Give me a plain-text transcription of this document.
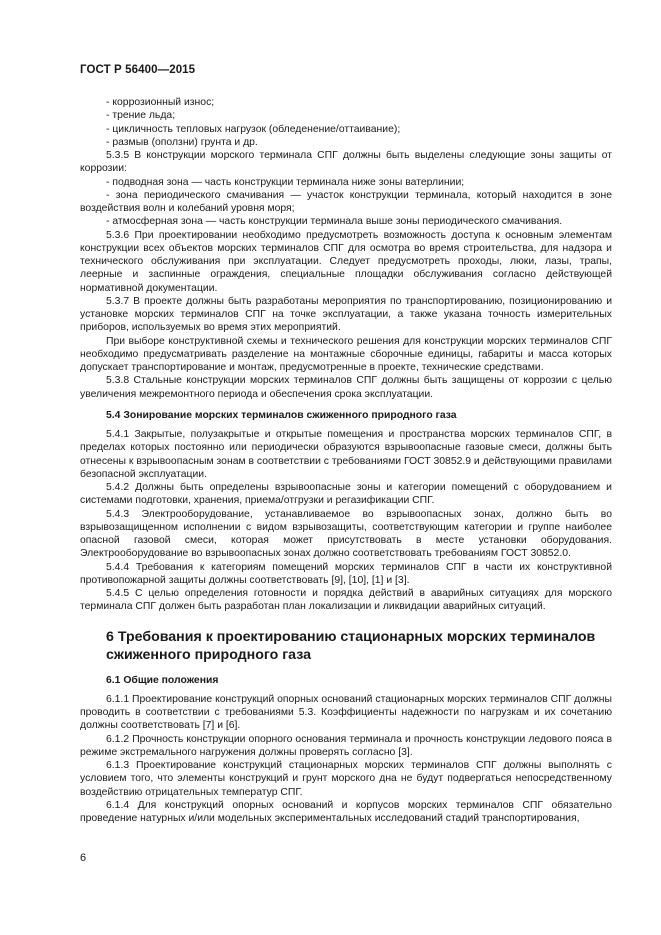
ГОСТ Р 56400—2015
- коррозионный износ;
- трение льда;
- цикличность тепловых нагрузок (обледенение/оттаивание);
- размыв (оползни) грунта и др.
5.3.5 В конструкции морского терминала СПГ должны быть выделены следующие зоны защиты от коррозии:
- подводная зона — часть конструкции терминала ниже зоны ватерлинии;
- зона периодического смачивания — участок конструкции терминала, который находится в зоне воздействия волн и колебаний уровня моря;
- атмосферная зона — часть конструкции терминала выше зоны периодического смачивания.
5.3.6 При проектировании необходимо предусмотреть возможность доступа к основным элементам конструкции всех объектов морских терминалов СПГ для осмотра во время строительства, для надзора и технического обслуживания при эксплуатации. Следует предусмотреть проходы, люки, лазы, трапы, леерные и заспинные ограждения, специальные площадки обслуживания согласно действующей нормативной документации.
5.3.7 В проекте должны быть разработаны мероприятия по транспортированию, позиционированию и установке морских терминалов СПГ на точке эксплуатации, а также указана точность измерительных приборов, используемых во время этих мероприятий.
При выборе конструктивной схемы и технического решения для конструкции морских терминалов СПГ необходимо предусматривать разделение на монтажные сборочные единицы, габариты и масса которых допускает транспортирование и монтаж, предусмотренные в проекте, технические средствами.
5.3.8 Стальные конструкции морских терминалов СПГ должны быть защищены от коррозии с целью увеличения межремонтного периода и обеспечения срока эксплуатации.
5.4 Зонирование морских терминалов сжиженного природного газа
5.4.1 Закрытые, полузакрытые и открытые помещения и пространства морских терминалов СПГ, в пределах которых постоянно или периодически образуются взрывоопасные газовые смеси, должны быть отнесены к взрывоопасным зонам в соответствии с требованиями ГОСТ 30852.9 и действующими правилами безопасной эксплуатации.
5.4.2 Должны быть определены взрывоопасные зоны и категории помещений с оборудованием и системами подготовки, хранения, приема/отгрузки и регазификации СПГ.
5.4.3 Электрооборудование, устанавливаемое во взрывоопасных зонах, должно быть во взрывозащищенном исполнении с видом взрывозащиты, соответствующим категории и группе наиболее опасной газовой смеси, которая может присутствовать в месте установки оборудования. Электрооборудование во взрывоопасных зонах должно соответствовать требованиям ГОСТ 30852.0.
5.4.4 Требования к категориям помещений морских терминалов СПГ в части их конструктивной противопожарной защиты должны соответствовать [9], [10], [1] и [3].
5.4.5 С целью определения готовности и порядка действий в аварийных ситуациях для морского терминала СПГ должен быть разработан план локализации и ликвидации аварийных ситуаций.
6 Требования к проектированию стационарных морских терминалов сжиженного природного газа
6.1 Общие положения
6.1.1 Проектирование конструкций опорных оснований стационарных морских терминалов СПГ должны проводить в соответствии с требованиями 5.3. Коэффициенты надежности по нагрузкам и их сочетанию должны соответствовать [7] и [6].
6.1.2 Прочность конструкции опорного основания терминала и прочность конструкции ледового пояса в режиме экстремального нагружения должны проверять согласно [3].
6.1.3 Проектирование конструкций стационарных морских терминалов СПГ должны выполнять с условием того, что элементы конструкций и грунт морского дна не будут подвергаться непосредственному воздействию отрицательных температур СПГ.
6.1.4 Для конструкций опорных оснований и корпусов морских терминалов СПГ обязательно проведение натурных и/или модельных экспериментальных исследований стадий транспортирования,
6
